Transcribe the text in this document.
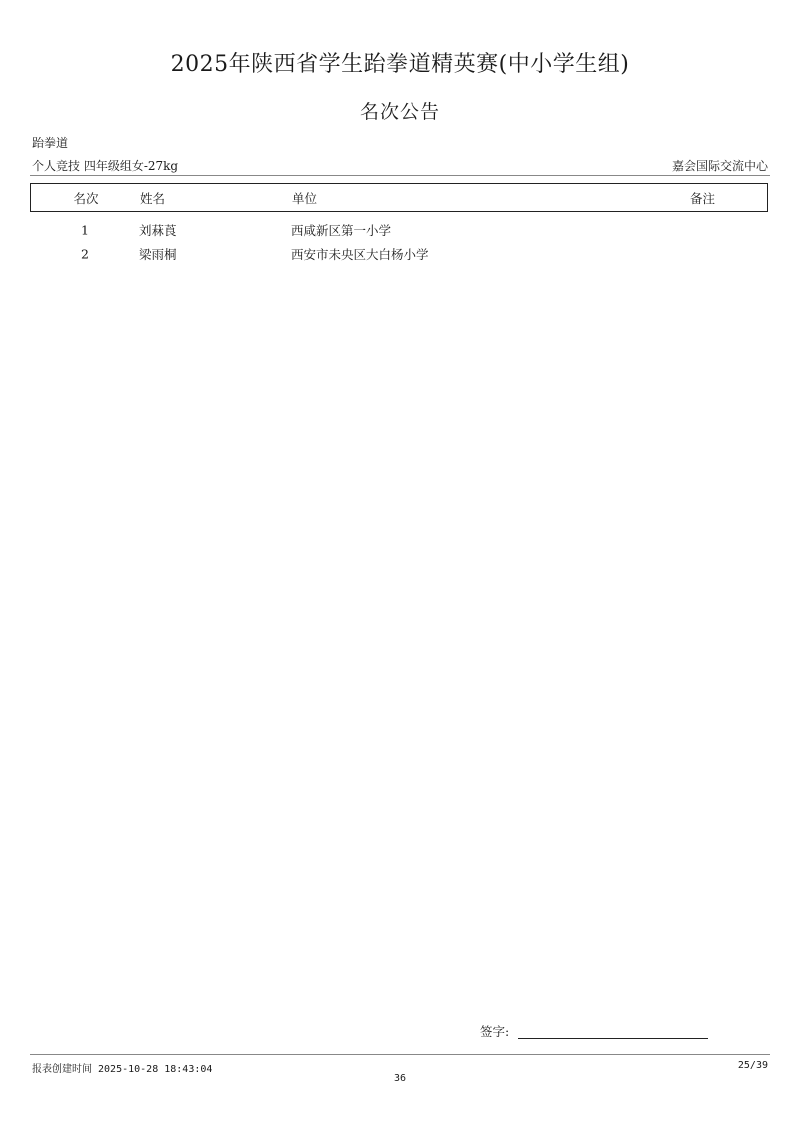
2025年陕西省学生跆拳道精英赛(中小学生组)
名次公告
跆拳道
个人竞技 四年级组女-27kg	嘉会国际交流中心
名次	姓名	单位	备注
1	刘菻莨	西咸新区第一小学
2	梁雨桐	西安市未央区大白杨小学
签字:
报表创建时间 2025-10-28 18:43:04	25/39
36
